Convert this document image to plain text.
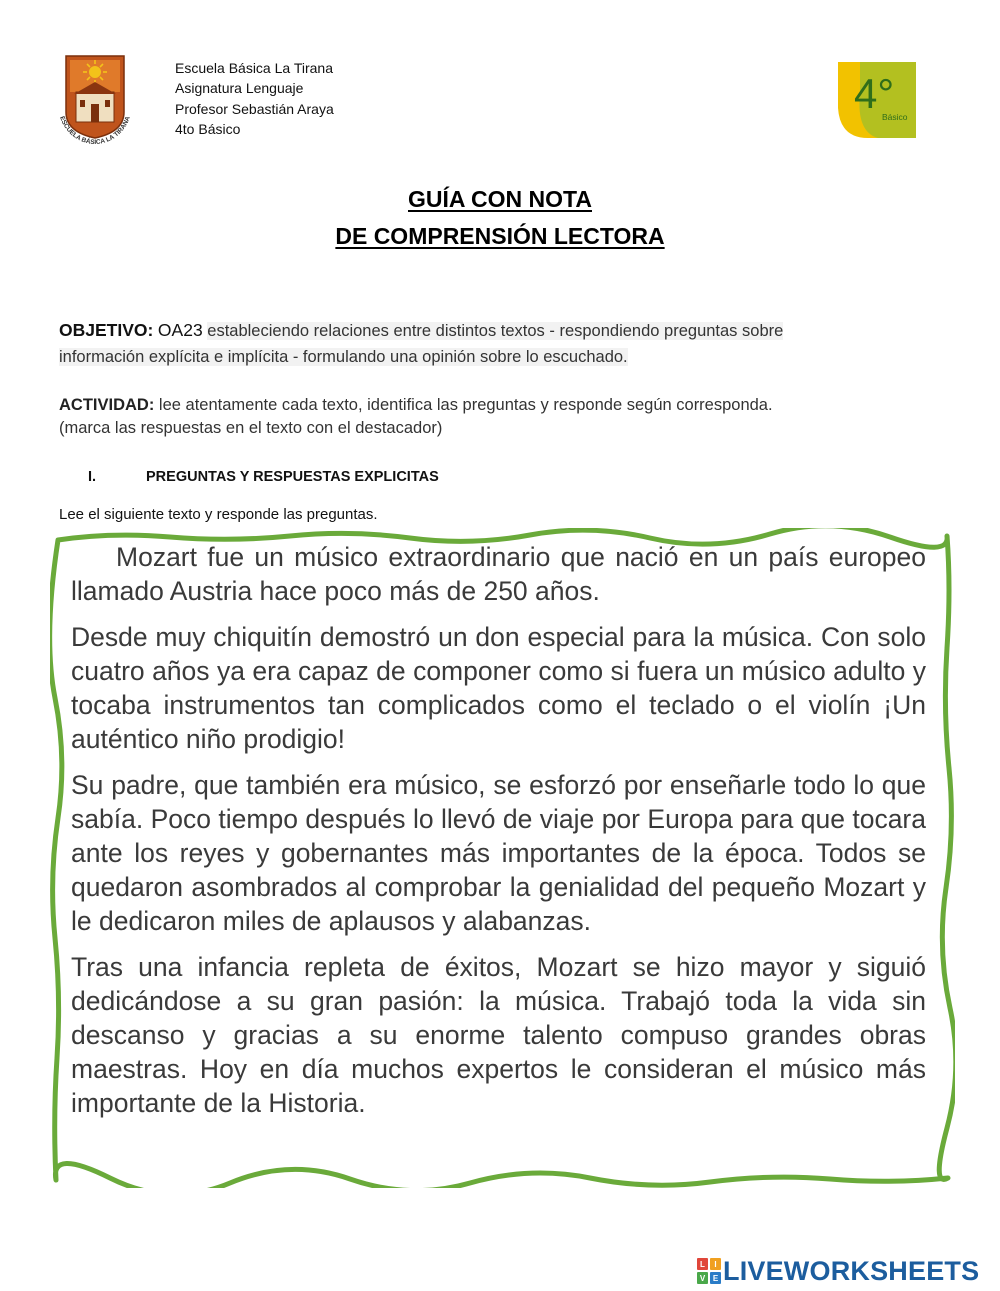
ESCUELA BÁSICA LA TIRANA
Escuela Básica La Tirana
Asignatura Lenguaje
Profesor Sebastián Araya
4to Básico
4°
Básico
GUÍA CON NOTA
DE COMPRENSIÓN LECTORA
OBJETIVO: OA23 estableciendo relaciones entre distintos textos - respondiendo preguntas sobre información explícita e implícita - formulando una opinión sobre lo escuchado.
ACTIVIDAD: lee atentamente cada texto, identifica las preguntas y responde según corresponda.
(marca las respuestas en el texto con el destacador)
I.	PREGUNTAS Y RESPUESTAS EXPLICITAS
Lee el siguiente texto y responde las preguntas.

Mozart fue un músico extraordinario que nació en un país europeo llamado Austria hace poco más de 250 años.

Desde muy chiquitín demostró un don especial para la música. Con solo cuatro años ya era capaz de componer como si fuera un músico adulto y tocaba instrumentos tan complicados como el teclado o el violín ¡Un auténtico niño prodigio!

Su padre, que también era músico, se esforzó por enseñarle todo lo que sabía. Poco tiempo después lo llevó de viaje por Europa para que tocara ante los reyes y gobernantes más importantes de la época. Todos se quedaron asombrados al comprobar la genialidad del pequeño Mozart y le dedicaron miles de aplausos y alabanzas.

Tras una infancia repleta de éxitos, Mozart se hizo mayor y siguió dedicándose a su gran pasión: la música. Trabajó toda la vida sin descanso y gracias a su enorme talento compuso grandes obras maestras. Hoy en día muchos expertos le consideran el músico más importante de la Historia.

L I
V E LIVEWORKSHEETS
